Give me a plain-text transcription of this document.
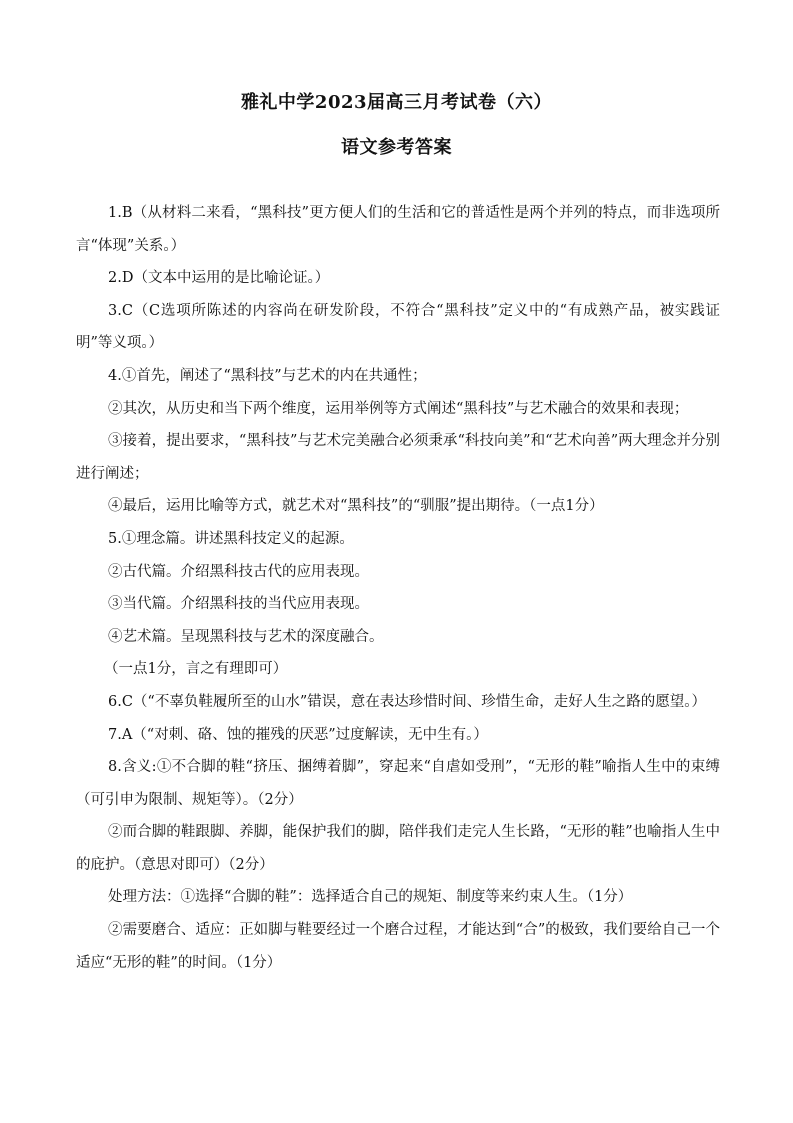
雅礼中学2023届高三月考试卷（六）
语文参考答案

1.B（从材料二来看，“黑科技”更方便人们的生活和它的普适性是两个并列的特点，而非选项所言“体现”关系。）

2.D（文本中运用的是比喻论证。）

3.C（C选项所陈述的内容尚在研发阶段，不符合“黑科技”定义中的“有成熟产品，被实践证明”等义项。）

4.①首先，阐述了“黑科技”与艺术的内在共通性；

②其次，从历史和当下两个维度，运用举例等方式阐述“黑科技”与艺术融合的效果和表现；

③接着，提出要求，“黑科技”与艺术完美融合必须秉承“科技向美”和“艺术向善”两大理念并分别进行阐述；

④最后，运用比喻等方式，就艺术对“黑科技”的“驯服”提出期待。（一点1分）

5.①理念篇。讲述黑科技定义的起源。

②古代篇。介绍黑科技古代的应用表现。

③当代篇。介绍黑科技的当代应用表现。

④艺术篇。呈现黑科技与艺术的深度融合。

（一点1分，言之有理即可）

6.C（“不辜负鞋履所至的山水”错误，意在表达珍惜时间、珍惜生命，走好人生之路的愿望。）

7.A（“对刺、硌、蚀的摧残的厌恶”过度解读，无中生有。）

8.含义:①不合脚的鞋“挤压、捆缚着脚”，穿起来“自虐如受刑”，“无形的鞋”喻指人生中的束缚（可引申为限制、规矩等）。（2分）

②而合脚的鞋跟脚、养脚，能保护我们的脚，陪伴我们走完人生长路，“无形的鞋”也喻指人生中的庇护。（意思对即可）（2分）

处理方法：①选择“合脚的鞋”：选择适合自己的规矩、制度等来约束人生。（1分）

②需要磨合、适应：正如脚与鞋要经过一个磨合过程，才能达到“合”的极致，我们要给自己一个适应“无形的鞋”的时间。（1分）
